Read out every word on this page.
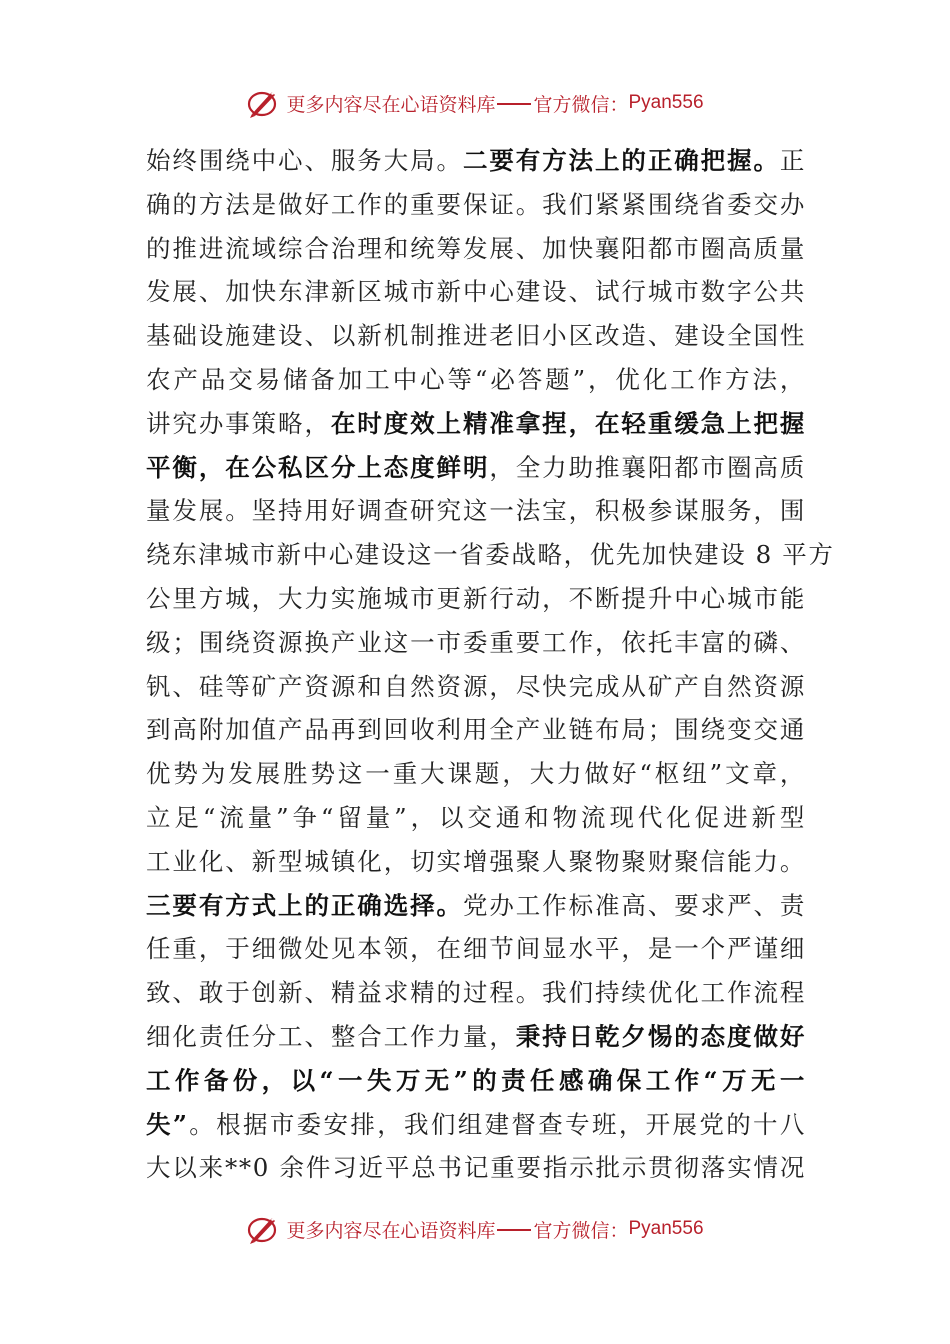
更多内容尽在心语资料库 官方微信： Pyan556
始终围绕中心、服务大局。二要有方法上的正确把握。正
确的方法是做好工作的重要保证。我们紧紧围绕省委交办
的推进流域综合治理和统筹发展、加快襄阳都市圈高质量
发展、加快东津新区城市新中心建设、试行城市数字公共
基础设施建设、以新机制推进老旧小区改造、建设全国性
农产品交易储备加工中心等“必答题”，优化工作方法，
讲究办事策略，在时度效上精准拿捏，在轻重缓急上把握
平衡，在公私区分上态度鲜明，全力助推襄阳都市圈高质
量发展。坚持用好调查研究这一法宝，积极参谋服务，围
绕东津城市新中心建设这一省委战略，优先加快建设 8 平方
公里方城，大力实施城市更新行动，不断提升中心城市能
级；围绕资源换产业这一市委重要工作，依托丰富的磷、
钒、硅等矿产资源和自然资源，尽快完成从矿产自然资源
到高附加值产品再到回收利用全产业链布局；围绕变交通
优势为发展胜势这一重大课题，大力做好“枢纽”文章，
立足“流量”争“留量”，以交通和物流现代化促进新型
工业化、新型城镇化，切实增强聚人聚物聚财聚信能力。
三要有方式上的正确选择。党办工作标准高、要求严、责
任重，于细微处见本领，在细节间显水平，是一个严谨细
致、敢于创新、精益求精的过程。我们持续优化工作流程
细化责任分工、整合工作力量，秉持日乾夕惕的态度做好
工作备份，以“一失万无”的责任感确保工作“万无一
失”。根据市委安排，我们组建督查专班，开展党的十八
大以来**0 余件习近平总书记重要指示批示贯彻落实情况
更多内容尽在心语资料库 官方微信： Pyan556
